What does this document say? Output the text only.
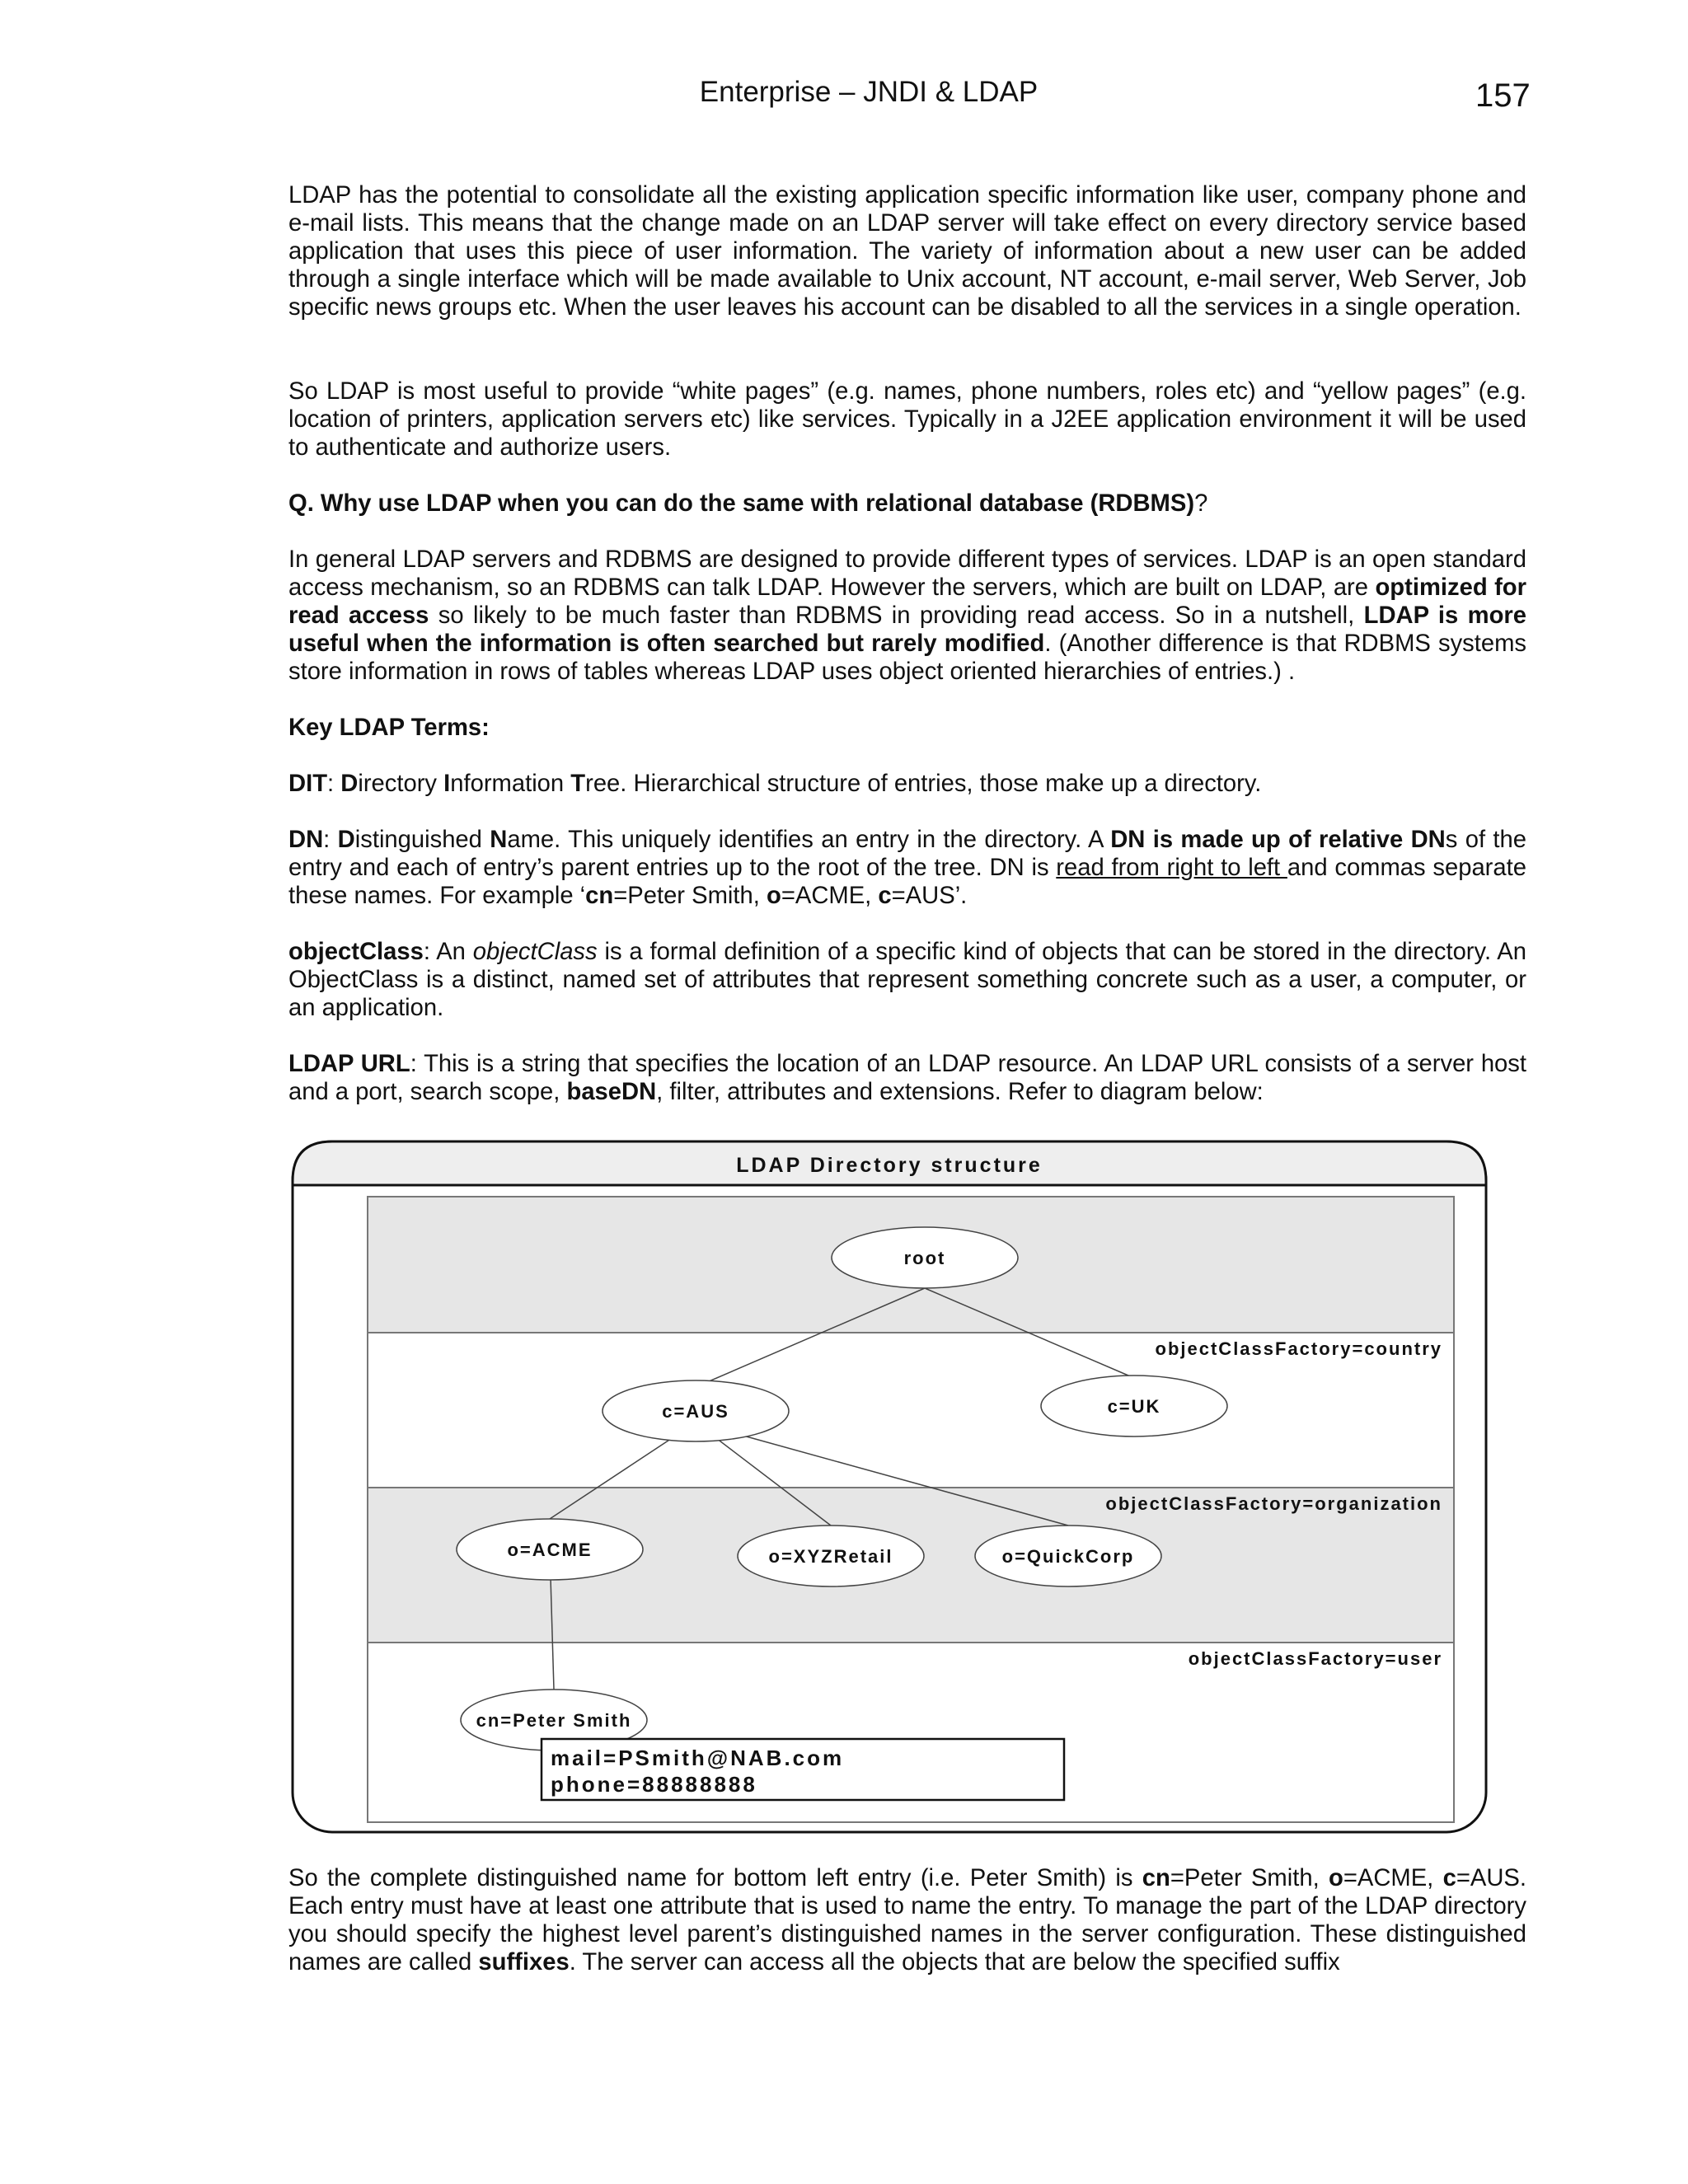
Enterprise – JNDI & LDAP	157

LDAP has the potential to consolidate all the existing application specific information like user, company phone and e-mail lists. This means that the change made on an LDAP server will take effect on every directory service based application that uses this piece of user information. The variety of information about a new user can be added through a single interface which will be made available to Unix account, NT account, e-mail server, Web Server, Job specific news groups etc. When the user leaves his account can be disabled to all the services in a single operation.

So LDAP is most useful to provide “white pages” (e.g. names, phone numbers, roles etc) and “yellow pages” (e.g. location of printers, application servers etc) like services. Typically in a J2EE application environment it will be used to authenticate and authorize users.

Q. Why use LDAP when you can do the same with relational database (RDBMS)?

In general LDAP servers and RDBMS are designed to provide different types of services. LDAP is an open standard access mechanism, so an RDBMS can talk LDAP. However the servers, which are built on LDAP, are optimized for read access so likely to be much faster than RDBMS in providing read access. So in a nutshell, LDAP is more useful when the information is often searched but rarely modified. (Another difference is that RDBMS systems store information in rows of tables whereas LDAP uses object oriented hierarchies of entries.) .

Key LDAP Terms:

DIT: Directory Information Tree. Hierarchical structure of entries, those make up a directory.

DN: Distinguished Name. This uniquely identifies an entry in the directory. A DN is made up of relative DNs of the entry and each of entry’s parent entries up to the root of the tree. DN is read from right to left and commas separate these names. For example ‘cn=Peter Smith, o=ACME, c=AUS’.

objectClass: An objectClass is a formal definition of a specific kind of objects that can be stored in the directory. An ObjectClass is a distinct, named set of attributes that represent something concrete such as a user, a computer, or an application.

LDAP URL: This is a string that specifies the location of an LDAP resource. An LDAP URL consists of a server host and a port, search scope, baseDN, filter, attributes and extensions. Refer to diagram below:

LDAP Directory structure
objectClassFactory=country
objectClassFactory=organization
objectClassFactory=user
root
c=AUS	c=UK
o=ACME	o=XYZRetail	o=QuickCorp
cn=Peter Smith
mail=PSmith@NAB.com
phone=88888888

So the complete distinguished name for bottom left entry (i.e. Peter Smith) is cn=Peter Smith, o=ACME, c=AUS. Each entry must have at least one attribute that is used to name the entry. To manage the part of the LDAP directory you should specify the highest level parent’s distinguished names in the server configuration. These distinguished names are called suffixes. The server can access all the objects that are below the specified suffix
